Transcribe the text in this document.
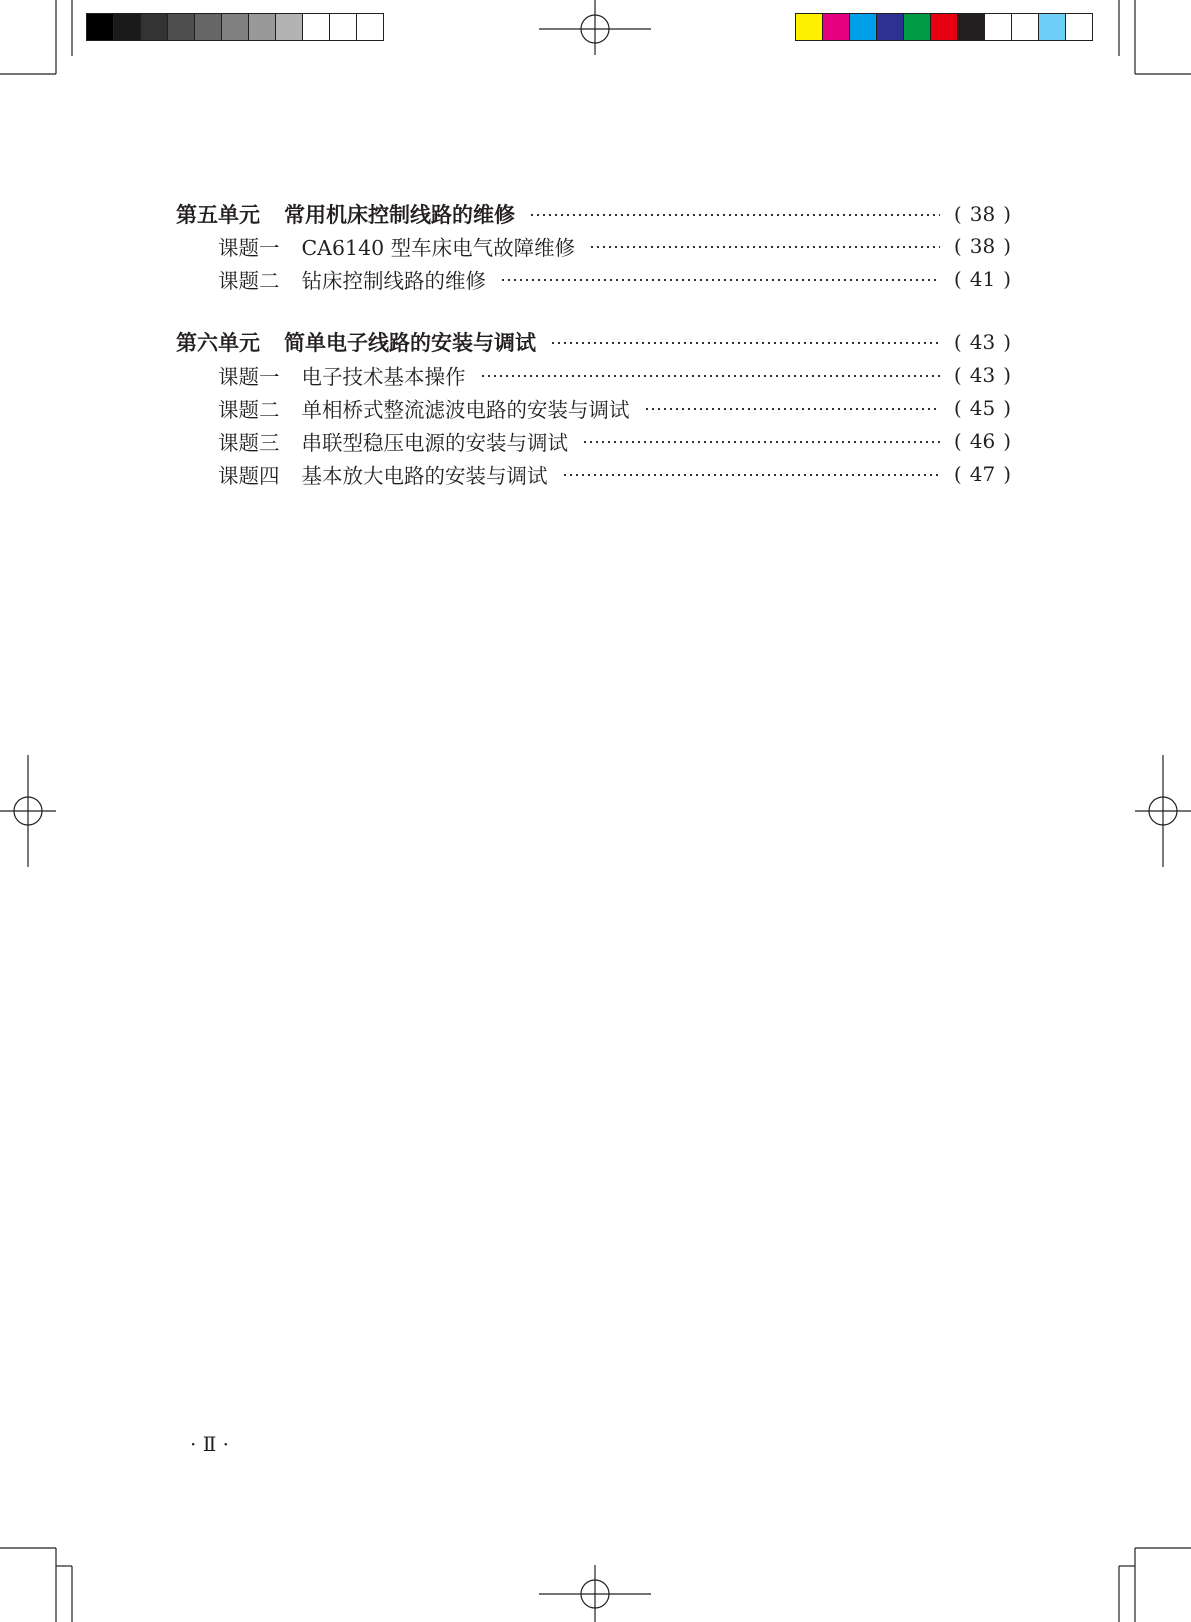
第五单元 常用机床控制线路的维修	( 38 )
课题一 CA6140 型车床电气故障维修	( 38 )
课题二 钻床控制线路的维修	( 41 )
第六单元 简单电子线路的安装与调试	( 43 )
课题一 电子技术基本操作	( 43 )
课题二 单相桥式整流滤波电路的安装与调试	( 45 )
课题三 串联型稳压电源的安装与调试	( 46 )
课题四 基本放大电路的安装与调试	( 47 )
· Ⅱ ·
